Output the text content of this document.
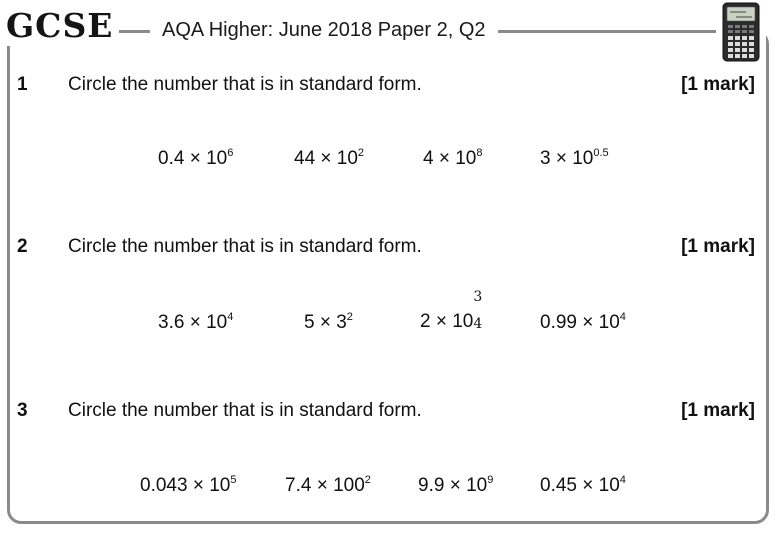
GCSE	AQA Higher: June 2018 Paper 2, Q2
1 Circle the number that is in standard form.	[1 mark]
$0.4 \times 10^6$	$44 \times 10^2$	$4 \times 10^8$	$3 \times 10^{0.5}$
2 Circle the number that is in standard form.	[1 mark]
$3.6 \times 10^4$	$5 \times 3^2$	2 × 10
3
4	$0.99 \times 10^4$
3 Circle the number that is in standard form.	[1 mark]
$0.043 \times 10^5$	$7.4 \times 100^2$ $9.9 \times 10^9$ $0.45 \times 10^4$
